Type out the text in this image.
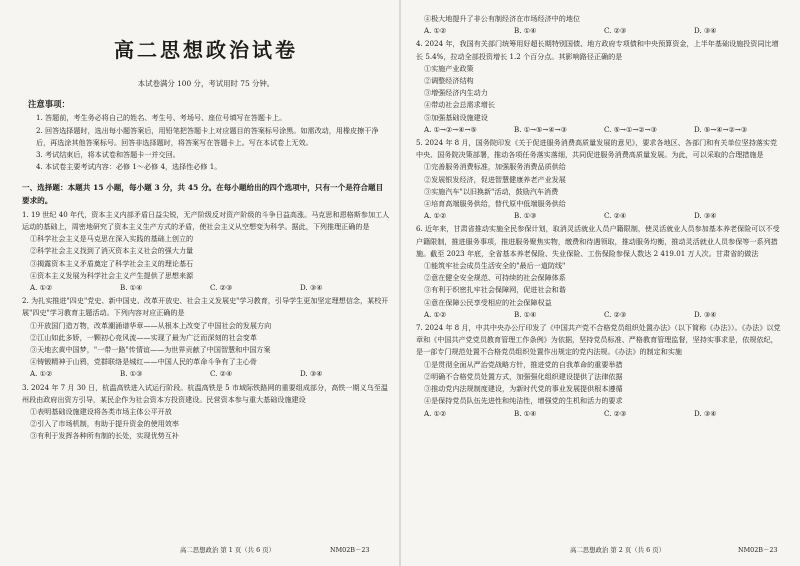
高二思想政治试卷
本试卷满分 100 分，考试用时 75 分钟。
注意事项：
1. 答题前，考生务必将自己的姓名、考生号、考场号、座位号填写在答题卡上。
2. 回答选择题时，选出每小题答案后，用铅笔把答题卡上对应题目的答案标号涂黑。如需改动，用橡皮擦干净后，再选涂其他答案标号。回答非选择题时，将答案写在答题卡上。写在本试卷上无效。
3. 考试结束后，将本试卷和答题卡一并交回。
4. 本试卷主要考试内容：必修 1～必修 4，选择性必修 1。
一、选择题：本题共 15 小题，每小题 3 分，共 45 分。在每小题给出的四个选项中，只有一个是符合题目要求的。
1. 19 世纪 40 年代，资本主义内部矛盾日益尖锐，无产阶级反对资产阶级的斗争日益高涨。马克思和恩格斯参加工人运动的基础上，周密地研究了资本主义生产方式的矛盾，使社会主义从空想变为科学。据此，下列推理正确的是
①科学社会主义是马克思在深入实践的基础上创立的
②科学社会主义找到了消灭资本主义社会的强大力量
③揭露资本主义矛盾奠定了科学社会主义的理论基石
④资本主义发展为科学社会主义产生提供了思想来源
A. ①②	B. ①④	C. ②③	D. ③④
2. 为扎实推进"四史"党史、新中国史、改革开放史、社会主义发展史"学习教育，引导学生更加坚定理想信念，某校开展"四史"学习教育主题活动。下列内容对应正确的是
①开放国门造万物，改革潮涌谱华章——从根本上改变了中国社会的发展方向
②江山如此多娇，一颗初心竞风流——实现了最为广泛而深刻的社会变革
③天地玄黄中国梦，"一带一路"传情谊——为世界贡献了中国智慧和中国方案
④铸锻精神于山鸦，党群联络是城红——中国人民的革命斗争有了主心骨
A. ①②	B. ①③	C. ②④	D. ③④
3. 2024 年 7 月 30 日，杭温高铁进入试运行阶段。杭温高铁是 5 市域际铁路网的重要组成部分，高铁一期义乌至温州段由政府出资方引导，某民企作为社会资本方投资建设。民营资本参与重大基础设施建设
①表明基础设施建设将各类市场主体公平开放
②引入了市场机制，有助于提升资金的使用效率
③有利于发挥各种所有制的长处，实现优势互补
④极大地提升了非公有制经济在市场经济中的地位
A. ①②	B. ①④	C. ②③	D. ③④
4. 2024 年，我国有关部门统筹用好超长期特别国债、地方政府专项债和中央预算资金，上半年基础设施投资同比增长 5.4%，拉动全部投资增长 1.2 个百分点。其影响路径正确的是
①实施产业政策
②调整经济结构
③增强经济内生动力
④带动社会总需求增长
⑤加强基础设施建设
A. ①→②→④→⑤	B. ①→⑤→④→③	C. ⑤→①→②→③	D. ⑤→④→②→③
5. 2024 年 8 月，国务院印发《关于促进服务消费高质量发展的意见》，要求各地区、各部门和有关单位坚持落实党中央、国务院决策部署，推动各项任务落实落细，共同促进服务消费高质量发展。为此，可以采取的合理措施是
①完善服务消费标准，加强服务消费品质供给
②发展银发经济，促进智慧健康养老产业发展
③实施汽车"以旧换新"活动，鼓励汽车消费
④培育高端服务供给，替代原中低端服务供给
A. ①②	B. ①③	C. ②④	D. ③④
6. 近年来，甘肃省推动实施全民参保计划，取消灵活就业人员户籍限制，使灵活就业人员参加基本养老保险可以不受户籍限制，推进服务事项，推进服务聚焦实物，缴费和待遇领取，推动服务均衡，推动灵活就业人员参保等一系列措施。截至 2023 年底，全省基本养老保险、失业保险、工伤保险参保人数达 2 419.01 万人次。甘肃省的做法
①能筑牢社会成员生活安全的"最后一道防线"
②意在健全安全规范、可持续的社会保障体系
③有利于织密扎牢社会保障网，促进社会和谐
④意在保障公民享受相应的社会保障权益
A. ①②	B. ①④	C. ②③	D. ③④
7. 2024 年 8 月，中共中央办公厅印发了《中国共产党不合格党员组织处置办法》（以下简称《办法》）。《办法》以党章和《中国共产党党员教育管理工作条例》为依据，坚持党员标准、严格教育管理监督，坚持实事求是，依规依纪，是一部专门规范处置不合格党员组织处置作出规定的党内法规。《办法》的制定和实施
①是贯彻全面从严治党战略方针，推进党的自我革命的重要举措
②明确不合格党员处置方式，加强强化组织建设提供了法律依据
③推动党内法规制度建设，为新时代党的事业发展提供根本遵循
④是保持党员队伍先进性和纯洁性，增强党的生机和活力的要求
A. ①②	B. ①④	C. ②③	D. ③④
高二思想政治 第 1 页（共 6 页）	NM02B－23	高二思想政治 第 2 页（共 6 页）	NM02B－23
